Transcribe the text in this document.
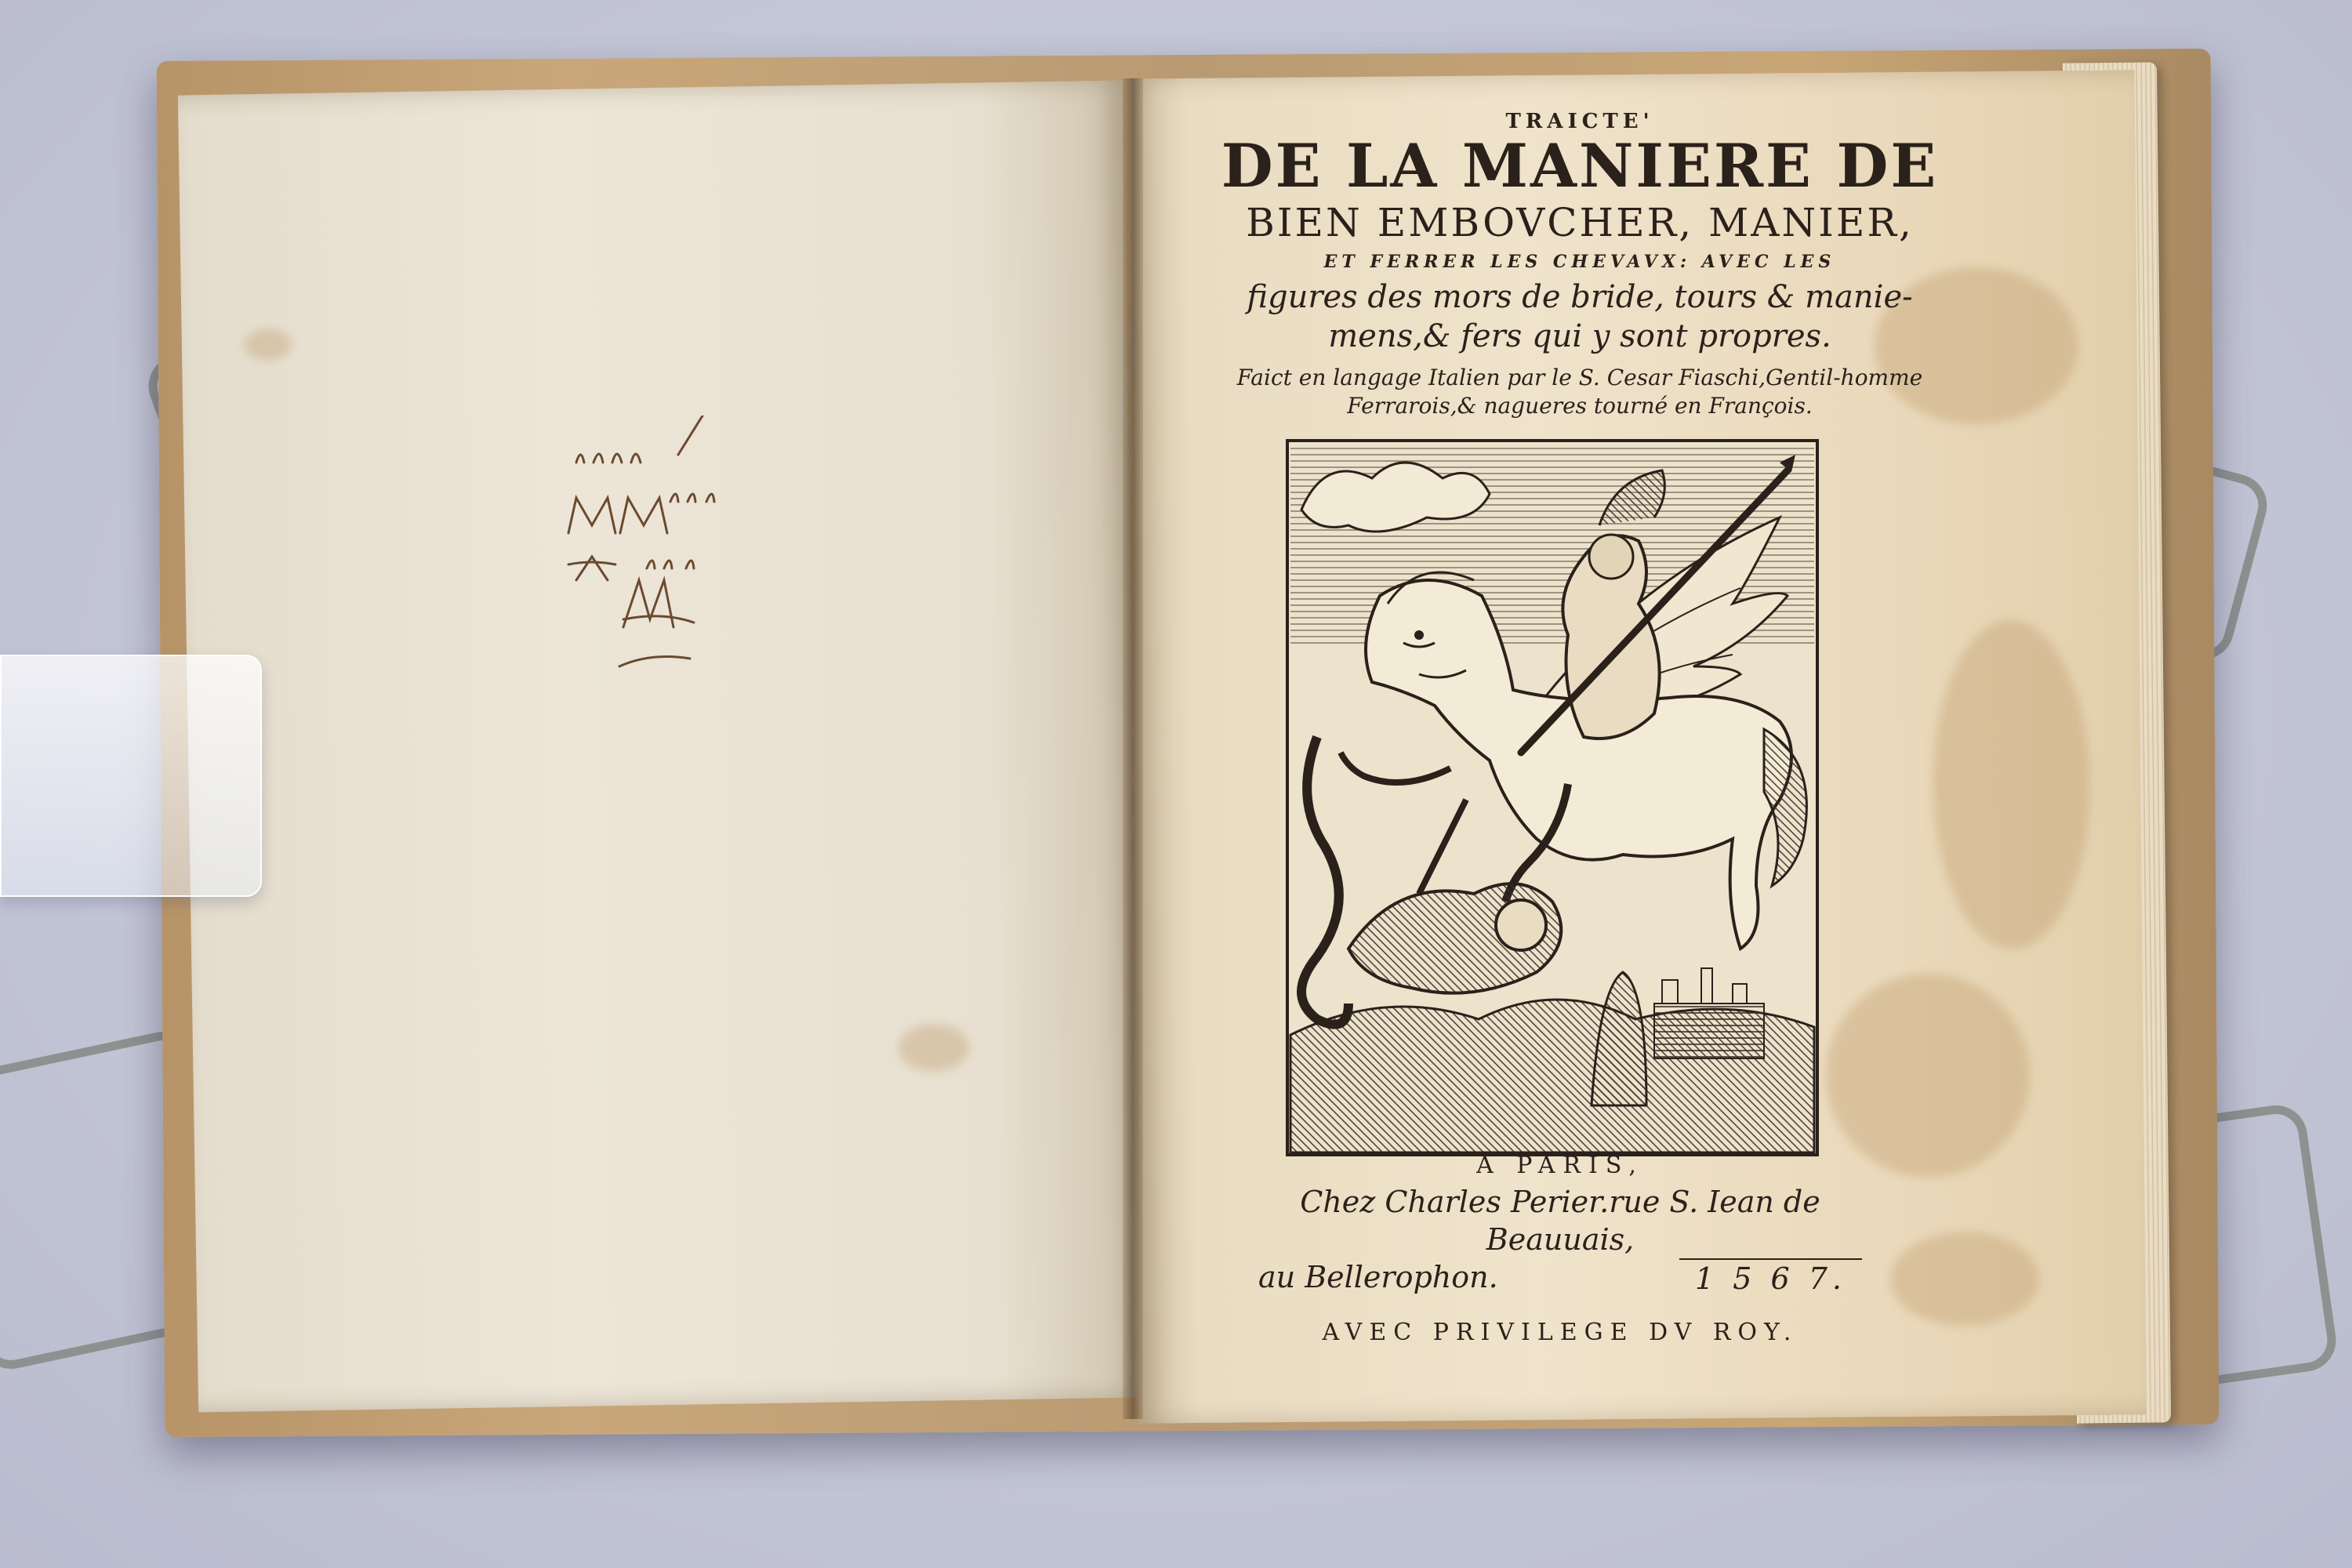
TRAICTE'
DE LA MANIERE DE
BIEN EMBOVCHER, MANIER,
ET FERRER LES CHEVAVX: AVEC LES
figures des mors de bride, tours & manie-
mens,& fers qui y sont propres.
Faict en langage Italien par le S. Cesar Fiaschi,Gentil-homme
Ferrarois,& nagueres tourné en François.
A PARIS,
Chez Charles Perier.rue S. Iean de Beauuais,
au Bellerophon.	1 5 6 7.
AVEC PRIVILEGE DV ROY.
